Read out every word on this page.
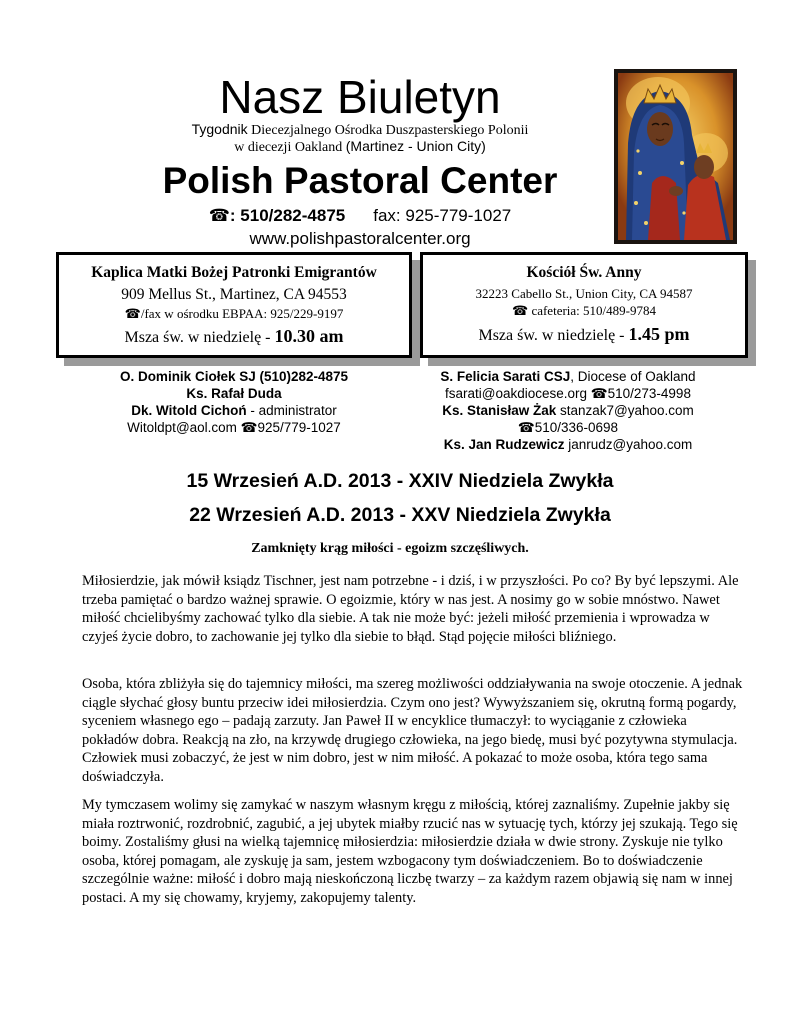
Nasz Biuletyn
Tygodnik Diecezjalnego Ośrodka Duszpasterskiego Polonii
w diecezji Oakland (Martinez - Union City)
Polish Pastoral Center
☎: 510/282-4875 fax: 925-779-1027
www.polishpastoralcenter.org
Kaplica Matki Bożej Patronki Emigrantów
909 Mellus St., Martinez, CA 94553
☎/fax w ośrodku EBPAA: 925/229-9197
Msza św. w niedzielę - 10.30 am
Kościół Św. Anny
32223 Cabello St., Union City, CA 94587
☎ cafeteria: 510/489-9784
Msza św. w niedzielę - 1.45 pm
O. Dominik Ciołek SJ (510)282-4875
Ks. Rafał Duda
Dk. Witold Cichoń - administrator
Witoldpt@aol.com ☎925/779-1027
S. Felicia Sarati CSJ, Diocese of Oakland
fsarati@oakdiocese.org ☎510/273-4998
Ks. Stanisław Żak stanzak7@yahoo.com
☎510/336-0698
Ks. Jan Rudzewicz janrudz@yahoo.com
15 Wrzesień A.D. 2013 - XXIV Niedziela Zwykła
22 Wrzesień A.D. 2013 - XXV Niedziela Zwykła
Zamknięty krąg miłości - egoizm szczęśliwych.
Miłosierdzie, jak mówił ksiądz Tischner, jest nam potrzebne - i dziś, i w przyszłości. Po co? By być lepszymi. Ale trzeba pamiętać o bardzo ważnej sprawie. O egoizmie, który w nas jest. A nosimy go w sobie mnóstwo. Nawet miłość chcielibyśmy zachować tylko dla siebie. A tak nie może być: jeżeli miłość przemienia i wprowadza w czyjeś życie dobro, to zachowanie jej tylko dla siebie to błąd. Stąd pojęcie miłości bliźniego.
Osoba, która zbliżyła się do tajemnicy miłości, ma szereg możliwości oddziaływania na swoje otoczenie. A jednak ciągle słychać głosy buntu przeciw idei miłosierdzia. Czym ono jest? Wywyższaniem się, okrutną formą pogardy, syceniem własnego ego – padają zarzuty. Jan Paweł II w encyklice tłumaczył: to wyciąganie z człowieka pokładów dobra. Reakcją na zło, na krzywdę drugiego człowieka, na jego biedę, musi być pozytywna stymulacja. Człowiek musi zobaczyć, że jest w nim dobro, jest w nim miłość. A pokazać to może osoba, która tego sama doświadczyła.
My tymczasem wolimy się zamykać w naszym własnym kręgu z miłością, której zaznaliśmy. Zupełnie jakby się miała roztrwonić, rozdrobnić, zagubić, a jej ubytek miałby rzucić nas w sytuację tych, którzy jej szukają. Tego się boimy. Zostaliśmy głusi na wielką tajemnicę miłosierdzia: miłosierdzie działa w dwie strony. Zyskuje nie tylko osoba, której pomagam, ale zyskuję ja sam, jestem wzbogacony tym doświadczeniem. Bo to doświadczenie szczególnie ważne: miłość i dobro mają nieskończoną liczbę twarzy – za każdym razem objawią się nam w innej postaci. A my się chowamy, kryjemy, zakopujemy talenty.
